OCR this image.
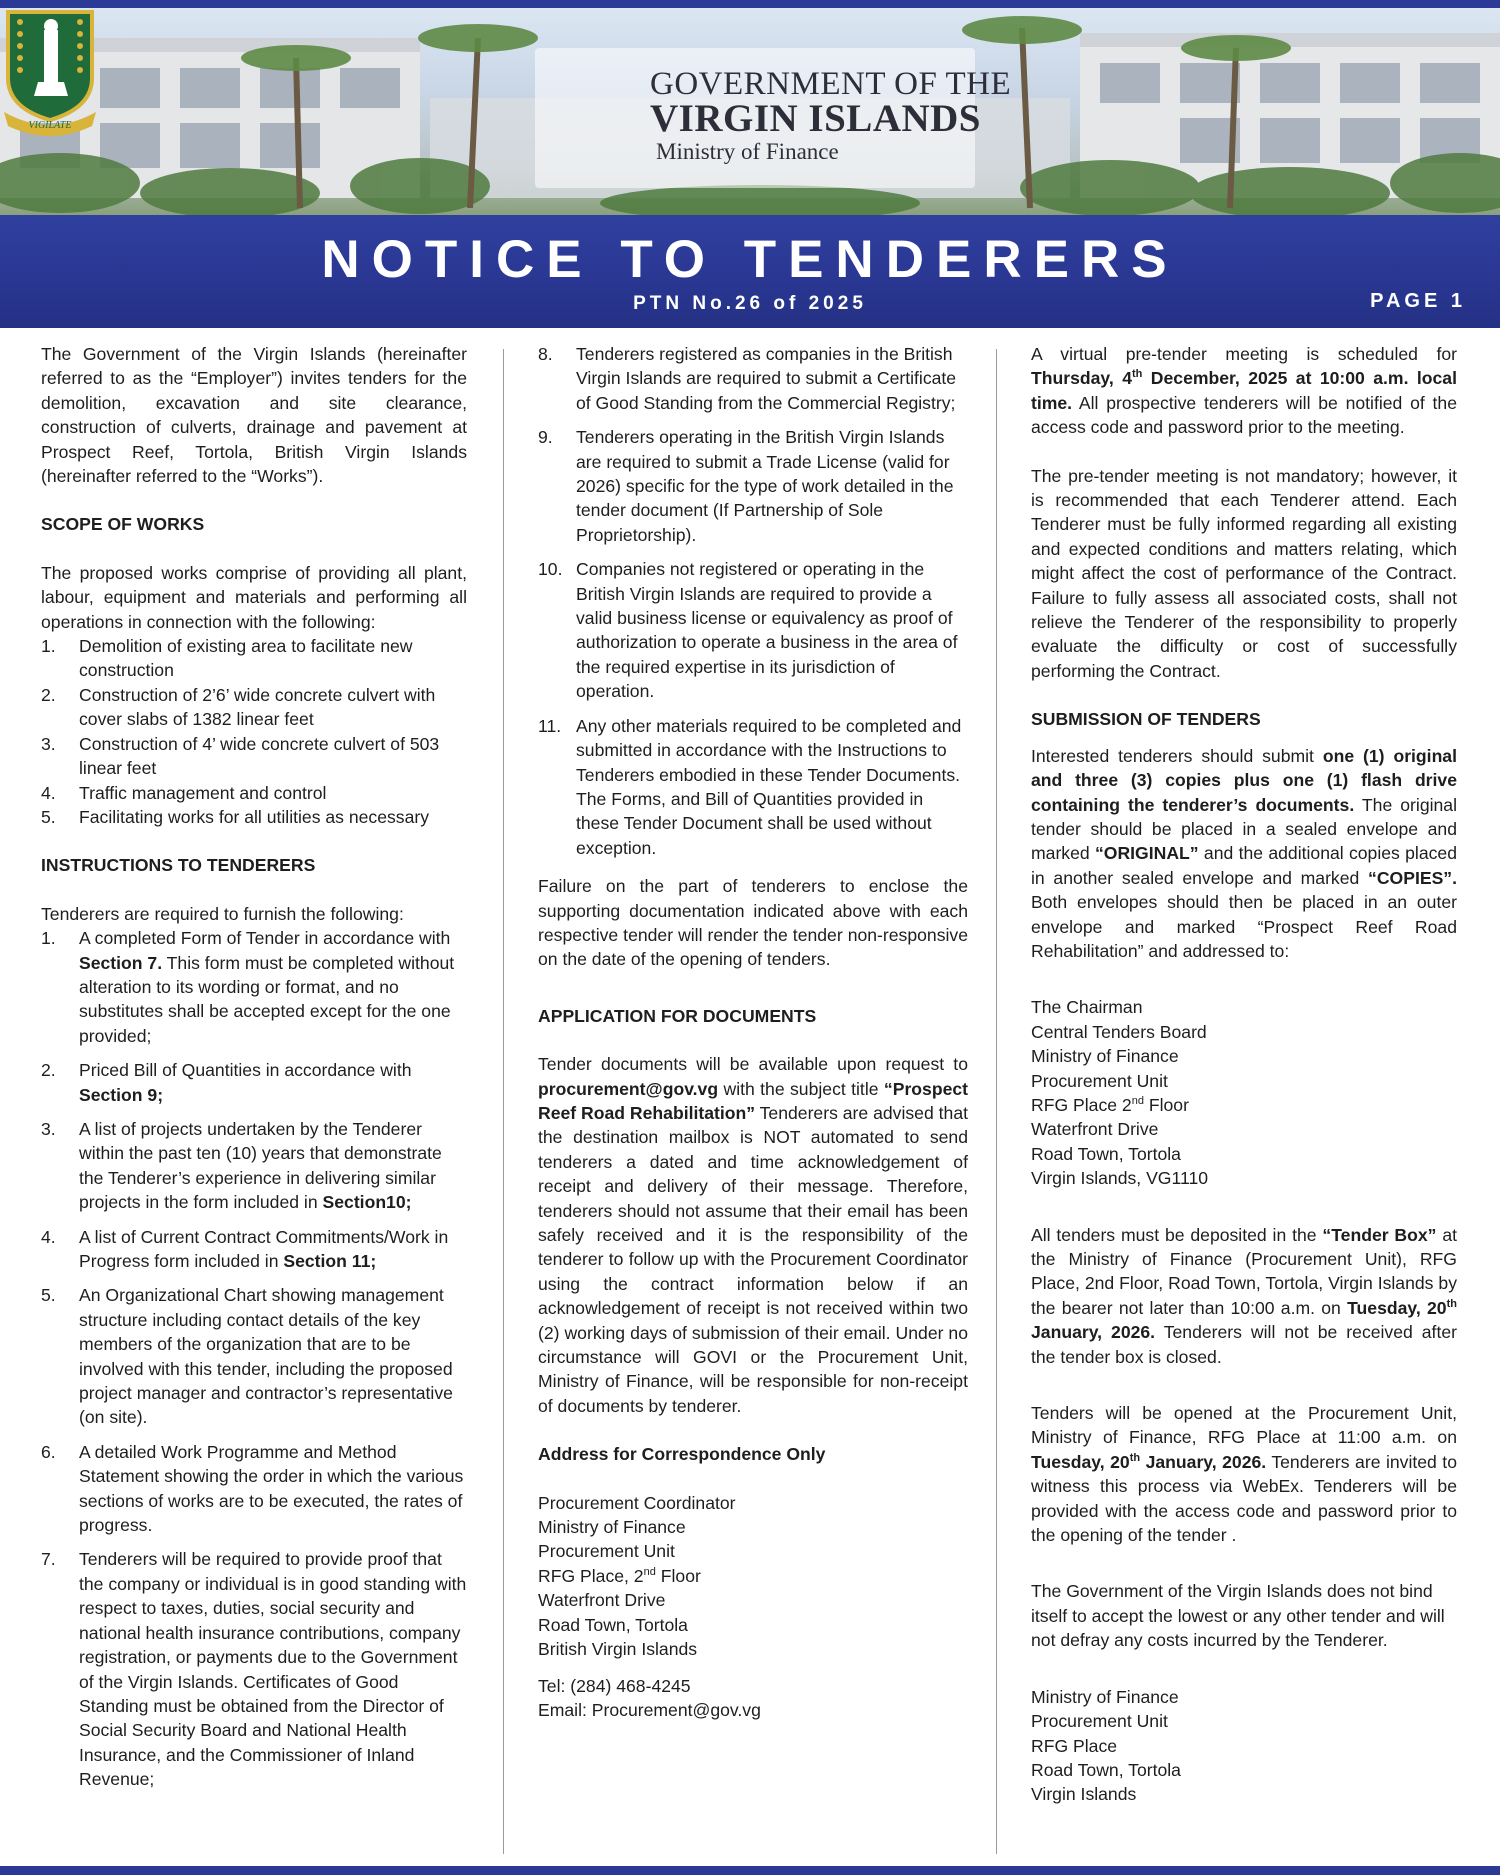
VIGILATE
GOVERNMENT OF THE
VIRGIN ISLANDS
Ministry of Finance
NOTICE TO TENDERERS
PTN No.26 of 2025	PAGE 1

The Government of the Virgin Islands (hereinafter referred to as the “Employer”) invites tenders for the demolition, excavation and site clearance, construction of culverts, drainage and pavement at Prospect Reef, Tortola, British Virgin Islands (hereinafter referred to the “Works”).

SCOPE OF WORKS

The proposed works comprise of providing all plant, labour, equipment and materials and performing all operations in connection with the following:

1. Demolition of existing area to facilitate new construction
2. Construction of 2’6’ wide concrete culvert with cover slabs of 1382 linear feet
3. Construction of 4’ wide concrete culvert of 503 linear feet
4. Traffic management and control
5. Facilitating works for all utilities as necessary

INSTRUCTIONS TO TENDERERS

Tenderers are required to furnish the following:

1. A completed Form of Tender in accordance with Section 7. This form must be completed without alteration to its wording or format, and no substitutes shall be accepted except for the one provided;
2. Priced Bill of Quantities in accordance with Section 9;
3. A list of projects undertaken by the Tenderer within the past ten (10) years that demonstrate the Tenderer’s experience in delivering similar projects in the form included in Section10;
4. A list of Current Contract Commitments/Work in Progress form included in Section 11;
5. An Organizational Chart showing management structure including contact details of the key members of the organization that are to be involved with this tender, including the proposed project manager and contractor’s representative (on site).
6. A detailed Work Programme and Method Statement showing the order in which the various sections of works are to be executed, the rates of progress.
7. Tenderers will be required to provide proof that the company or individual is in good standing with respect to taxes, duties, social security and national health insurance contributions, company registration, or payments due to the Government of the Virgin Islands. Certificates of Good Standing must be obtained from the Director of Social Security Board and National Health Insurance, and the Commissioner of Inland Revenue;
8. Tenderers registered as companies in the British Virgin Islands are required to submit a Certificate of Good Standing from the Commercial Registry;
9. Tenderers operating in the British Virgin Islands are required to submit a Trade License (valid for 2026) specific for the type of work detailed in the tender document (If Partnership of Sole Proprietorship).
10. Companies not registered or operating in the British Virgin Islands are required to provide a valid business license or equivalency as proof of authorization to operate a business in the area of the required expertise in its jurisdiction of operation.
11. Any other materials required to be completed and submitted in accordance with the Instructions to Tenderers embodied in these Tender Documents. The Forms, and Bill of Quantities provided in these Tender Document shall be used without exception.

Failure on the part of tenderers to enclose the supporting documentation indicated above with each respective tender will render the tender non-responsive on the date of the opening of tenders.

APPLICATION FOR DOCUMENTS

Tender documents will be available upon request to procurement@gov.vg with the subject title “Prospect Reef Road Rehabilitation” Tenderers are advised that the destination mailbox is NOT automated to send tenderers a dated and time acknowledgement of receipt and delivery of their message. Therefore, tenderers should not assume that their email has been safely received and it is the responsibility of the tenderer to follow up with the Procurement Coordinator using the contract information below if an acknowledgement of receipt is not received within two (2) working days of submission of their email. Under no circumstance will GOVI or the Procurement Unit, Ministry of Finance, will be responsible for non-receipt of documents by tenderer.

Address for Correspondence Only

Procurement Coordinator
Ministry of Finance
Procurement Unit
RFG Place, 2nd Floor
Waterfront Drive
Road Town, Tortola
British Virgin Islands
Tel: (284) 468-4245
Email: Procurement@gov.vg

A virtual pre-tender meeting is scheduled for Thursday, 4th December, 2025 at 10:00 a.m. local time. All prospective tenderers will be notified of the access code and password prior to the meeting.

The pre-tender meeting is not mandatory; however, it is recommended that each Tenderer attend. Each Tenderer must be fully informed regarding all existing and expected conditions and matters relating, which might affect the cost of performance of the Contract. Failure to fully assess all associated costs, shall not relieve the Tenderer of the responsibility to properly evaluate the difficulty or cost of successfully performing the Contract.

SUBMISSION OF TENDERS

Interested tenderers should submit one (1) original and three (3) copies plus one (1) flash drive containing the tenderer’s documents. The original tender should be placed in a sealed envelope and marked “ORIGINAL” and the additional copies placed in another sealed envelope and marked “COPIES”. Both envelopes should then be placed in an outer envelope and marked “Prospect Reef Road Rehabilitation” and addressed to:

The Chairman
Central Tenders Board
Ministry of Finance
Procurement Unit
RFG Place 2nd Floor
Waterfront Drive
Road Town, Tortola
Virgin Islands, VG1110

All tenders must be deposited in the “Tender Box” at the Ministry of Finance (Procurement Unit), RFG Place, 2nd Floor, Road Town, Tortola, Virgin Islands by the bearer not later than 10:00 a.m. on Tuesday, 20th January, 2026. Tenderers will not be received after the tender box is closed.

Tenders will be opened at the Procurement Unit, Ministry of Finance, RFG Place at 11:00 a.m. on Tuesday, 20th January, 2026. Tenderers are invited to witness this process via WebEx. Tenderers will be provided with the access code and password prior to the opening of the tender .

The Government of the Virgin Islands does not bind itself to accept the lowest or any other tender and will not defray any costs incurred by the Tenderer.

Ministry of Finance
Procurement Unit
RFG Place
Road Town, Tortola
Virgin Islands
